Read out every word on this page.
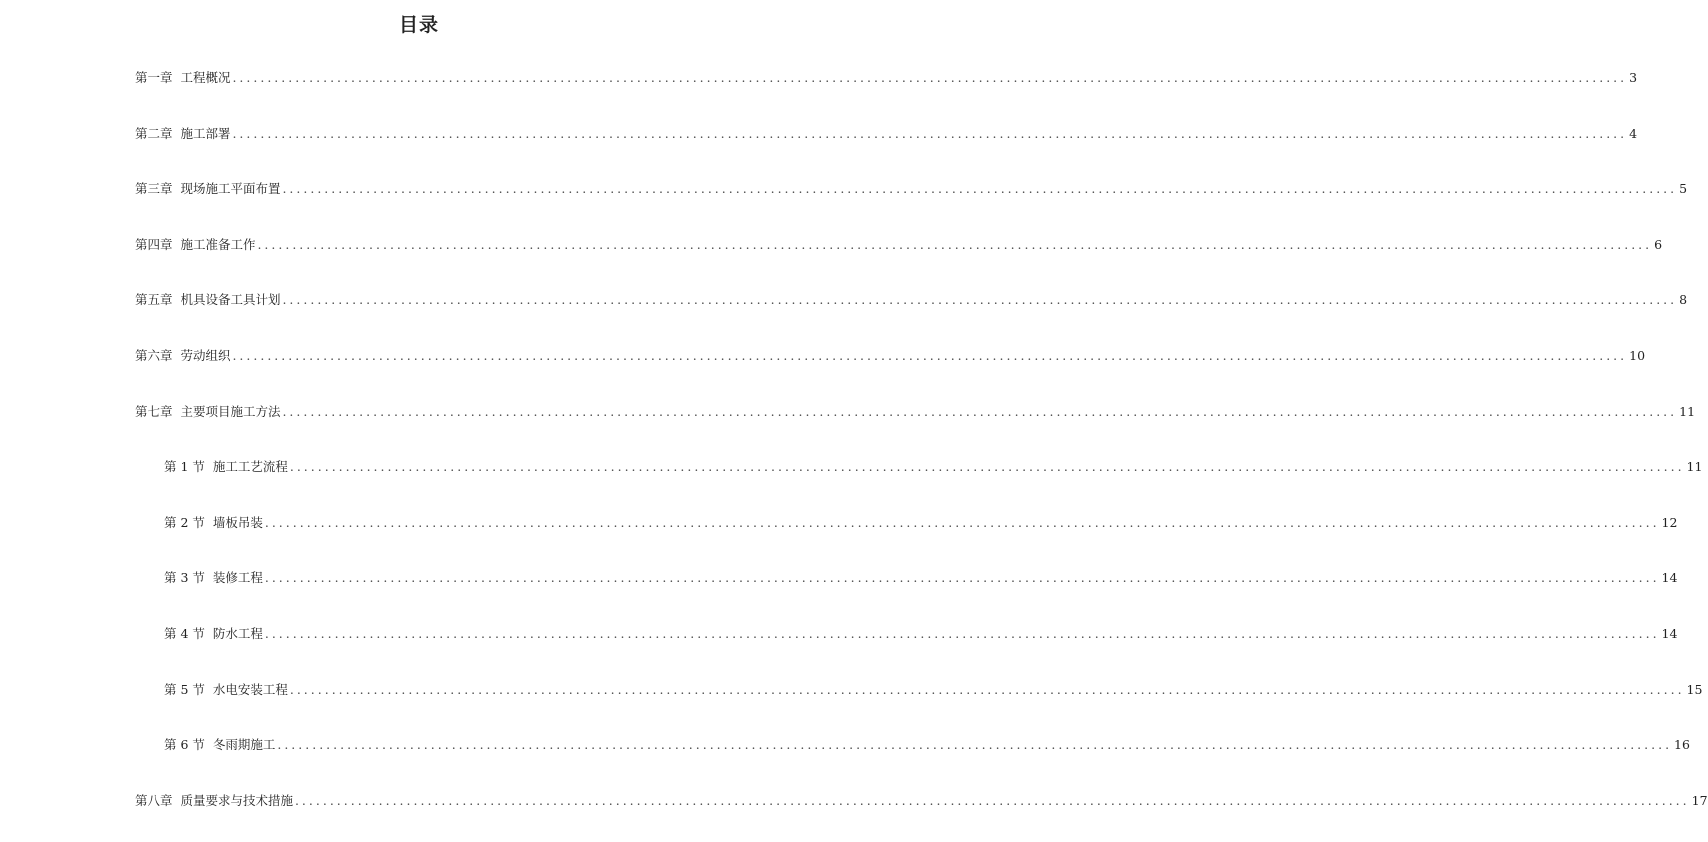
目录
第一章  工程概况 ........................................................................................................................................................................................................ 3
第二章  施工部署 ........................................................................................................................................................................................................ 4
第三章  现场施工平面布置 ........................................................................................................................................................................................................ 5
第四章  施工准备工作 ........................................................................................................................................................................................................ 6
第五章  机具设备工具计划 ........................................................................................................................................................................................................ 8
第六章  劳动组织 ........................................................................................................................................................................................................ 10
第七章  主要项目施工方法 ........................................................................................................................................................................................................ 11
第 1 节  施工工艺流程 ........................................................................................................................................................................................................ 11
第 2 节  墙板吊装 ........................................................................................................................................................................................................ 12
第 3 节  装修工程 ........................................................................................................................................................................................................ 14
第 4 节  防水工程 ........................................................................................................................................................................................................ 14
第 5 节  水电安装工程 ........................................................................................................................................................................................................ 15
第 6 节  冬雨期施工 ........................................................................................................................................................................................................ 16
第八章  质量要求与技术措施 ........................................................................................................................................................................................................ 17
